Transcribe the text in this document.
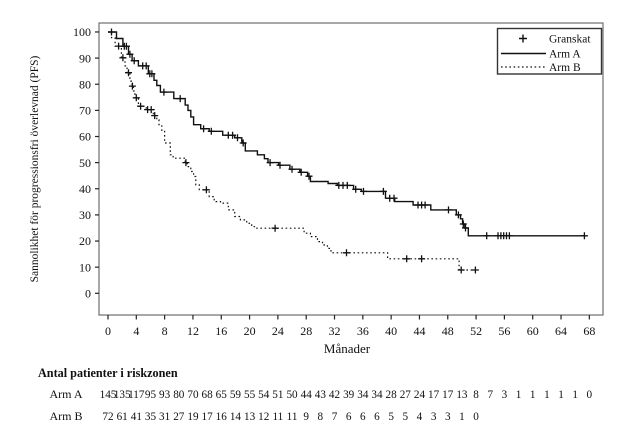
0
10
20
30
40
50
60
70
80
90
100
0 4 8 12 16 20 24 28 32 36 40 44 48 52 56 60 64 68
Sannolikhet för progressionsfri överlevnad (PFS)
Månader
Granskat
Arm A
Arm B
Antal patienter i riskzonen
Arm A 145
135
117 95 93 80 70 68 65 59 55 54 51 50 44 43 42 39 34 34 28 27 24 17 17 13 8 7 3 1 1 1 1 1 0
Arm B 72 61 41 35 31 27 19 17 16 14 13 12 11 11 9 8 7 6 6 6 5 5 4 3 3 1 0
